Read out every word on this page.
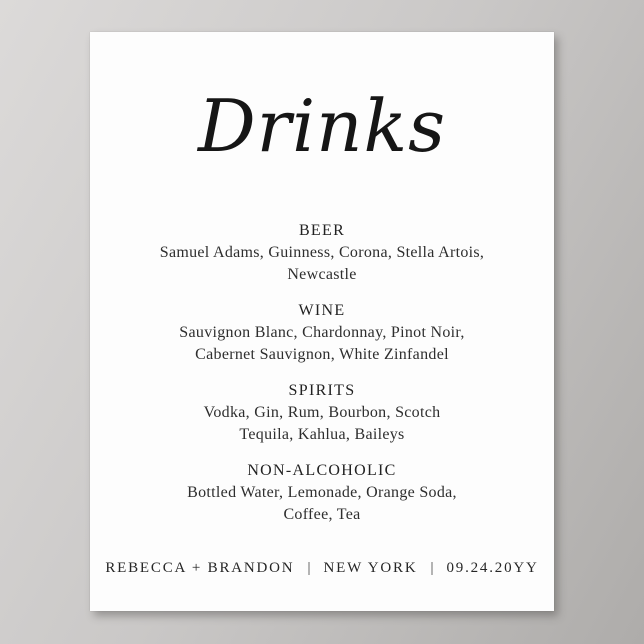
Drinks
BEER
Samuel Adams, Guinness, Corona, Stella Artois,
Newcastle
WINE
Sauvignon Blanc, Chardonnay, Pinot Noir,
Cabernet Sauvignon, White Zinfandel
SPIRITS
Vodka, Gin, Rum, Bourbon, Scotch
Tequila, Kahlua, Baileys
NON-ALCOHOLIC
Bottled Water, Lemonade, Orange Soda,
Coffee, Tea
REBECCA + BRANDON | NEW YORK | 09.24.20YY
